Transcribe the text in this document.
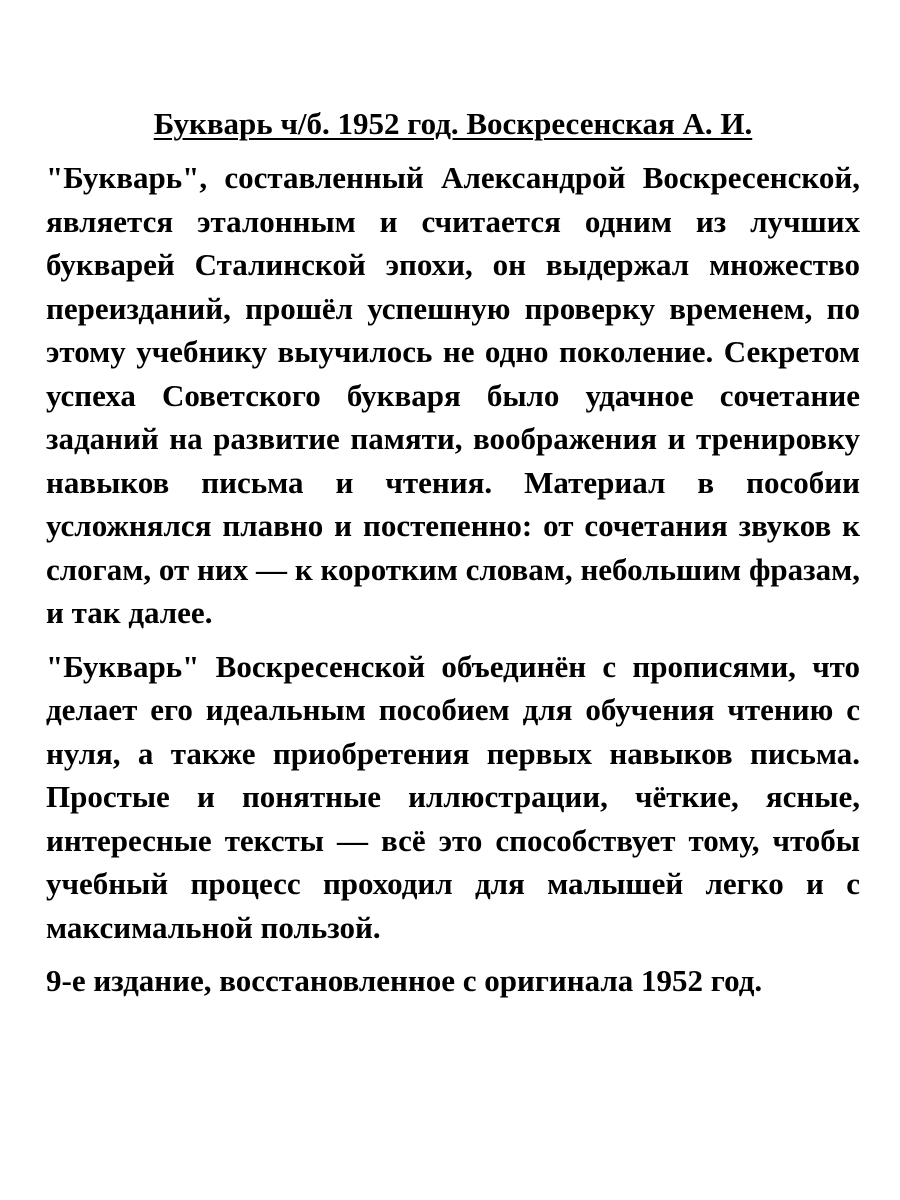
Букварь ч/б. 1952 год. Воскресенская А. И.

"Букварь", составленный Александрой Воскресенской, является эталонным и считается одним из лучших букварей Сталинской эпохи, он выдержал множество переизданий, прошёл успешную проверку временем, по этому учебнику выучилось не одно поколение. Секретом успеха Советского букваря было удачное сочетание заданий на развитие памяти, воображения и тренировку навыков письма и чтения. Материал в пособии усложнялся плавно и постепенно: от сочетания звуков к слогам, от них — к коротким словам, небольшим фразам, и так далее.

"Букварь" Воскресенской объединён с прописями, что делает его идеальным пособием для обучения чтению с нуля, а также приобретения первых навыков письма. Простые и понятные иллюстрации, чёткие, ясные, интересные тексты — всё это способствует тому, чтобы учебный процесс проходил для малышей легко и с максимальной пользой.

9-е издание, восстановленное с оригинала 1952 год.
